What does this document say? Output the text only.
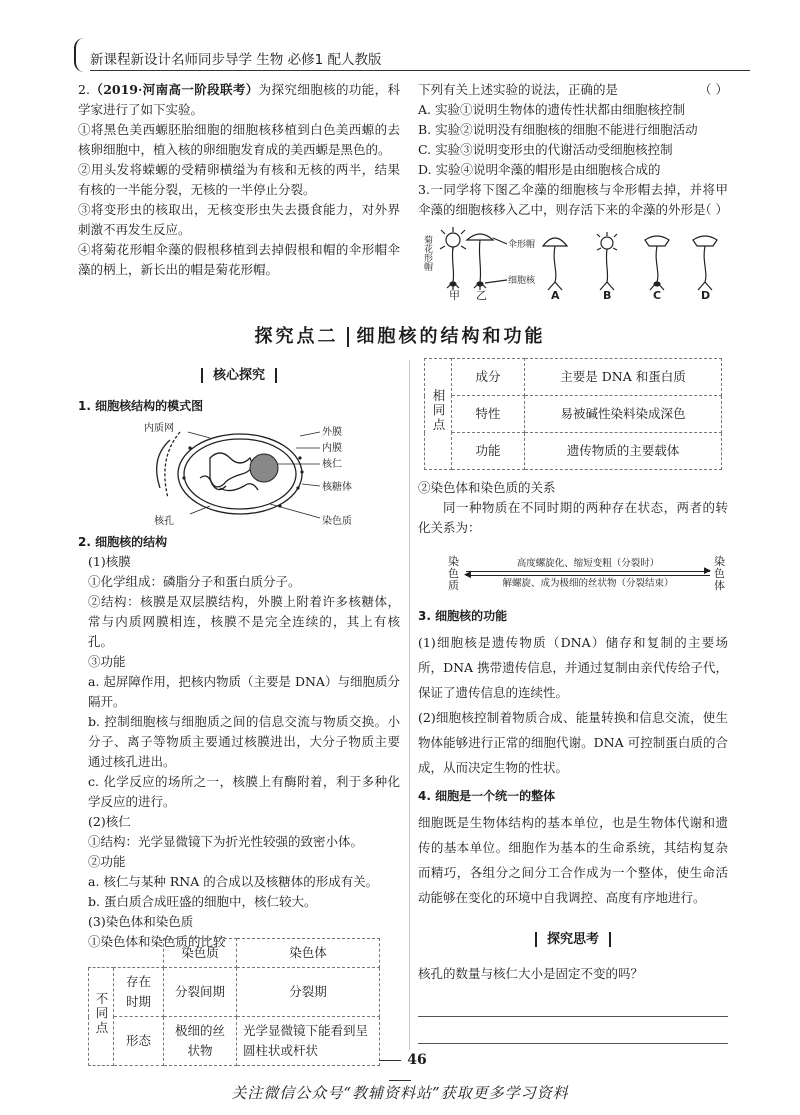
新课程新设计名师同步导学 生物 必修1 配人教版

2.（2019·河南高一阶段联考）为探究细胞核的功能，科学家进行了如下实验。

①将黑色美西螈胚胎细胞的细胞核移植到白色美西螈的去核卵细胞中，植入核的卵细胞发育成的美西螈是黑色的。

②用头发将蝾螈的受精卵横缢为有核和无核的两半，结果有核的一半能分裂，无核的一半停止分裂。

③将变形虫的核取出，无核变形虫失去摄食能力，对外界刺激不再发生反应。

④将菊花形帽伞藻的假根移植到去掉假根和帽的伞形帽伞藻的柄上，新长出的帽是菊花形帽。

下列有关上述实验的说法，正确的是	（ ）

A. 实验①说明生物体的遗传性状都由细胞核控制

B. 实验②说明没有细胞核的细胞不能进行细胞活动

C. 实验③说明变形虫的代谢活动受细胞核控制

D. 实验④说明伞藻的帽形是由细胞核合成的

3.一同学将下图乙伞藻的细胞核与伞形帽去掉，并将甲伞藻的细胞核移入乙中，则存活下来的伞藻的外形是
（ ）

菊花形帽	伞形帽
细胞核
甲 乙	A	B	C	D
探究点二 细胞核的结构和功能
核心探究
1. 细胞核结构的模式图
内质网	外膜
内膜
核仁
核糖体
核孔	染色质
2. 细胞核的结构

(1)核膜

①化学组成：磷脂分子和蛋白质分子。

②结构：核膜是双层膜结构，外膜上附着许多核糖体，常与内质网膜相连，核膜不是完全连续的，其上有核孔。

③功能

a. 起屏障作用，把核内物质（主要是 DNA）与细胞质分隔开。

b. 控制细胞核与细胞质之间的信息交流与物质交换。小分子、离子等物质主要通过核膜进出，大分子物质主要通过核孔进出。

c. 化学反应的场所之一，核膜上有酶附着，利于多种化学反应的进行。

(2)核仁

①结构：光学显微镜下为折光性较强的致密小体。

②功能

a. 核仁与某种 RNA 的合成以及核糖体的形成有关。

b. 蛋白质合成旺盛的细胞中，核仁较大。

(3)染色体和染色质

①染色体和染色质的比较

		染色质	染色体
不同点	存在时期	分裂间期	分裂期
	形态	极细的丝状物	光学显微镜下能看到呈圆柱状或杆状
相同点	成分	主要是 DNA 和蛋白质
	特性	易被碱性染料染成深色
	功能	遗传物质的主要载体

②染色体和染色质的关系

同一种物质在不同时期的两种存在状态，两者的转化关系为：

染色质
染色体
高度螺旋化、缩短变粗（分裂时）
▶
◀
解螺旋、成为极细的丝状物（分裂结束）
3. 细胞核的功能

(1)细胞核是遗传物质（DNA）储存和复制的主要场所，DNA 携带遗传信息，并通过复制由亲代传给子代，保证了遗传信息的连续性。

(2)细胞核控制着物质合成、能量转换和信息交流，使生物体能够进行正常的细胞代谢。DNA 可控制蛋白质的合成，从而决定生物的性状。

4. 细胞是一个统一的整体

细胞既是生物体结构的基本单位，也是生物体代谢和遗传的基本单位。细胞作为基本的生命系统，其结构复杂而精巧，各组分之间分工合作成为一个整体，使生命活动能够在变化的环境中自我调控、高度有序地进行。

探究思考

核孔的数量与核仁大小是固定不变的吗？

46
关注微信公众号“教辅资料站”获取更多学习资料
